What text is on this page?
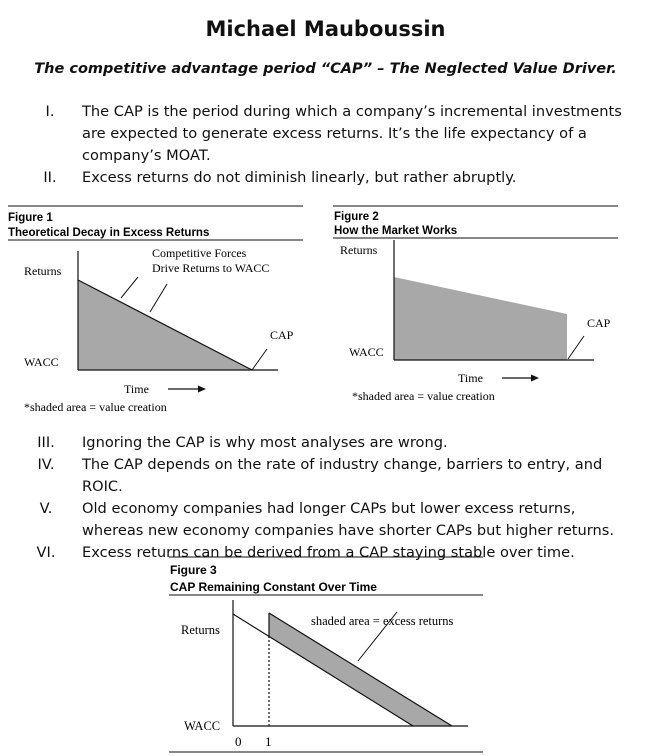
Michael Mauboussin
The competitive advantage period “CAP” – The Neglected Value Driver.
I.	The CAP is the period during which a company’s incremental investments are expected to generate excess returns. It’s the life expectancy of a company’s MOAT.
II.	Excess returns do not diminish linearly, but rather abruptly.
Figure 1
Theoretical Decay in Excess Returns
Returns
WACC
Competitive Forces
Drive Returns to WACC
CAP
Time
*shaded area = value creation
Figure 2
How the Market Works
Returns
WACC
CAP
Time
*shaded area = value creation
III.	Ignoring the CAP is why most analyses are wrong.
IV.	The CAP depends on the rate of industry change, barriers to entry, and ROIC.
V.	Old economy companies had longer CAPs but lower excess returns, whereas new economy companies have shorter CAPs but higher returns.
VI.	Excess returns can be derived from a CAP staying stable over time.
Figure 3
CAP Remaining Constant Over Time
Returns
WACC
shaded area = excess returns
0 1
